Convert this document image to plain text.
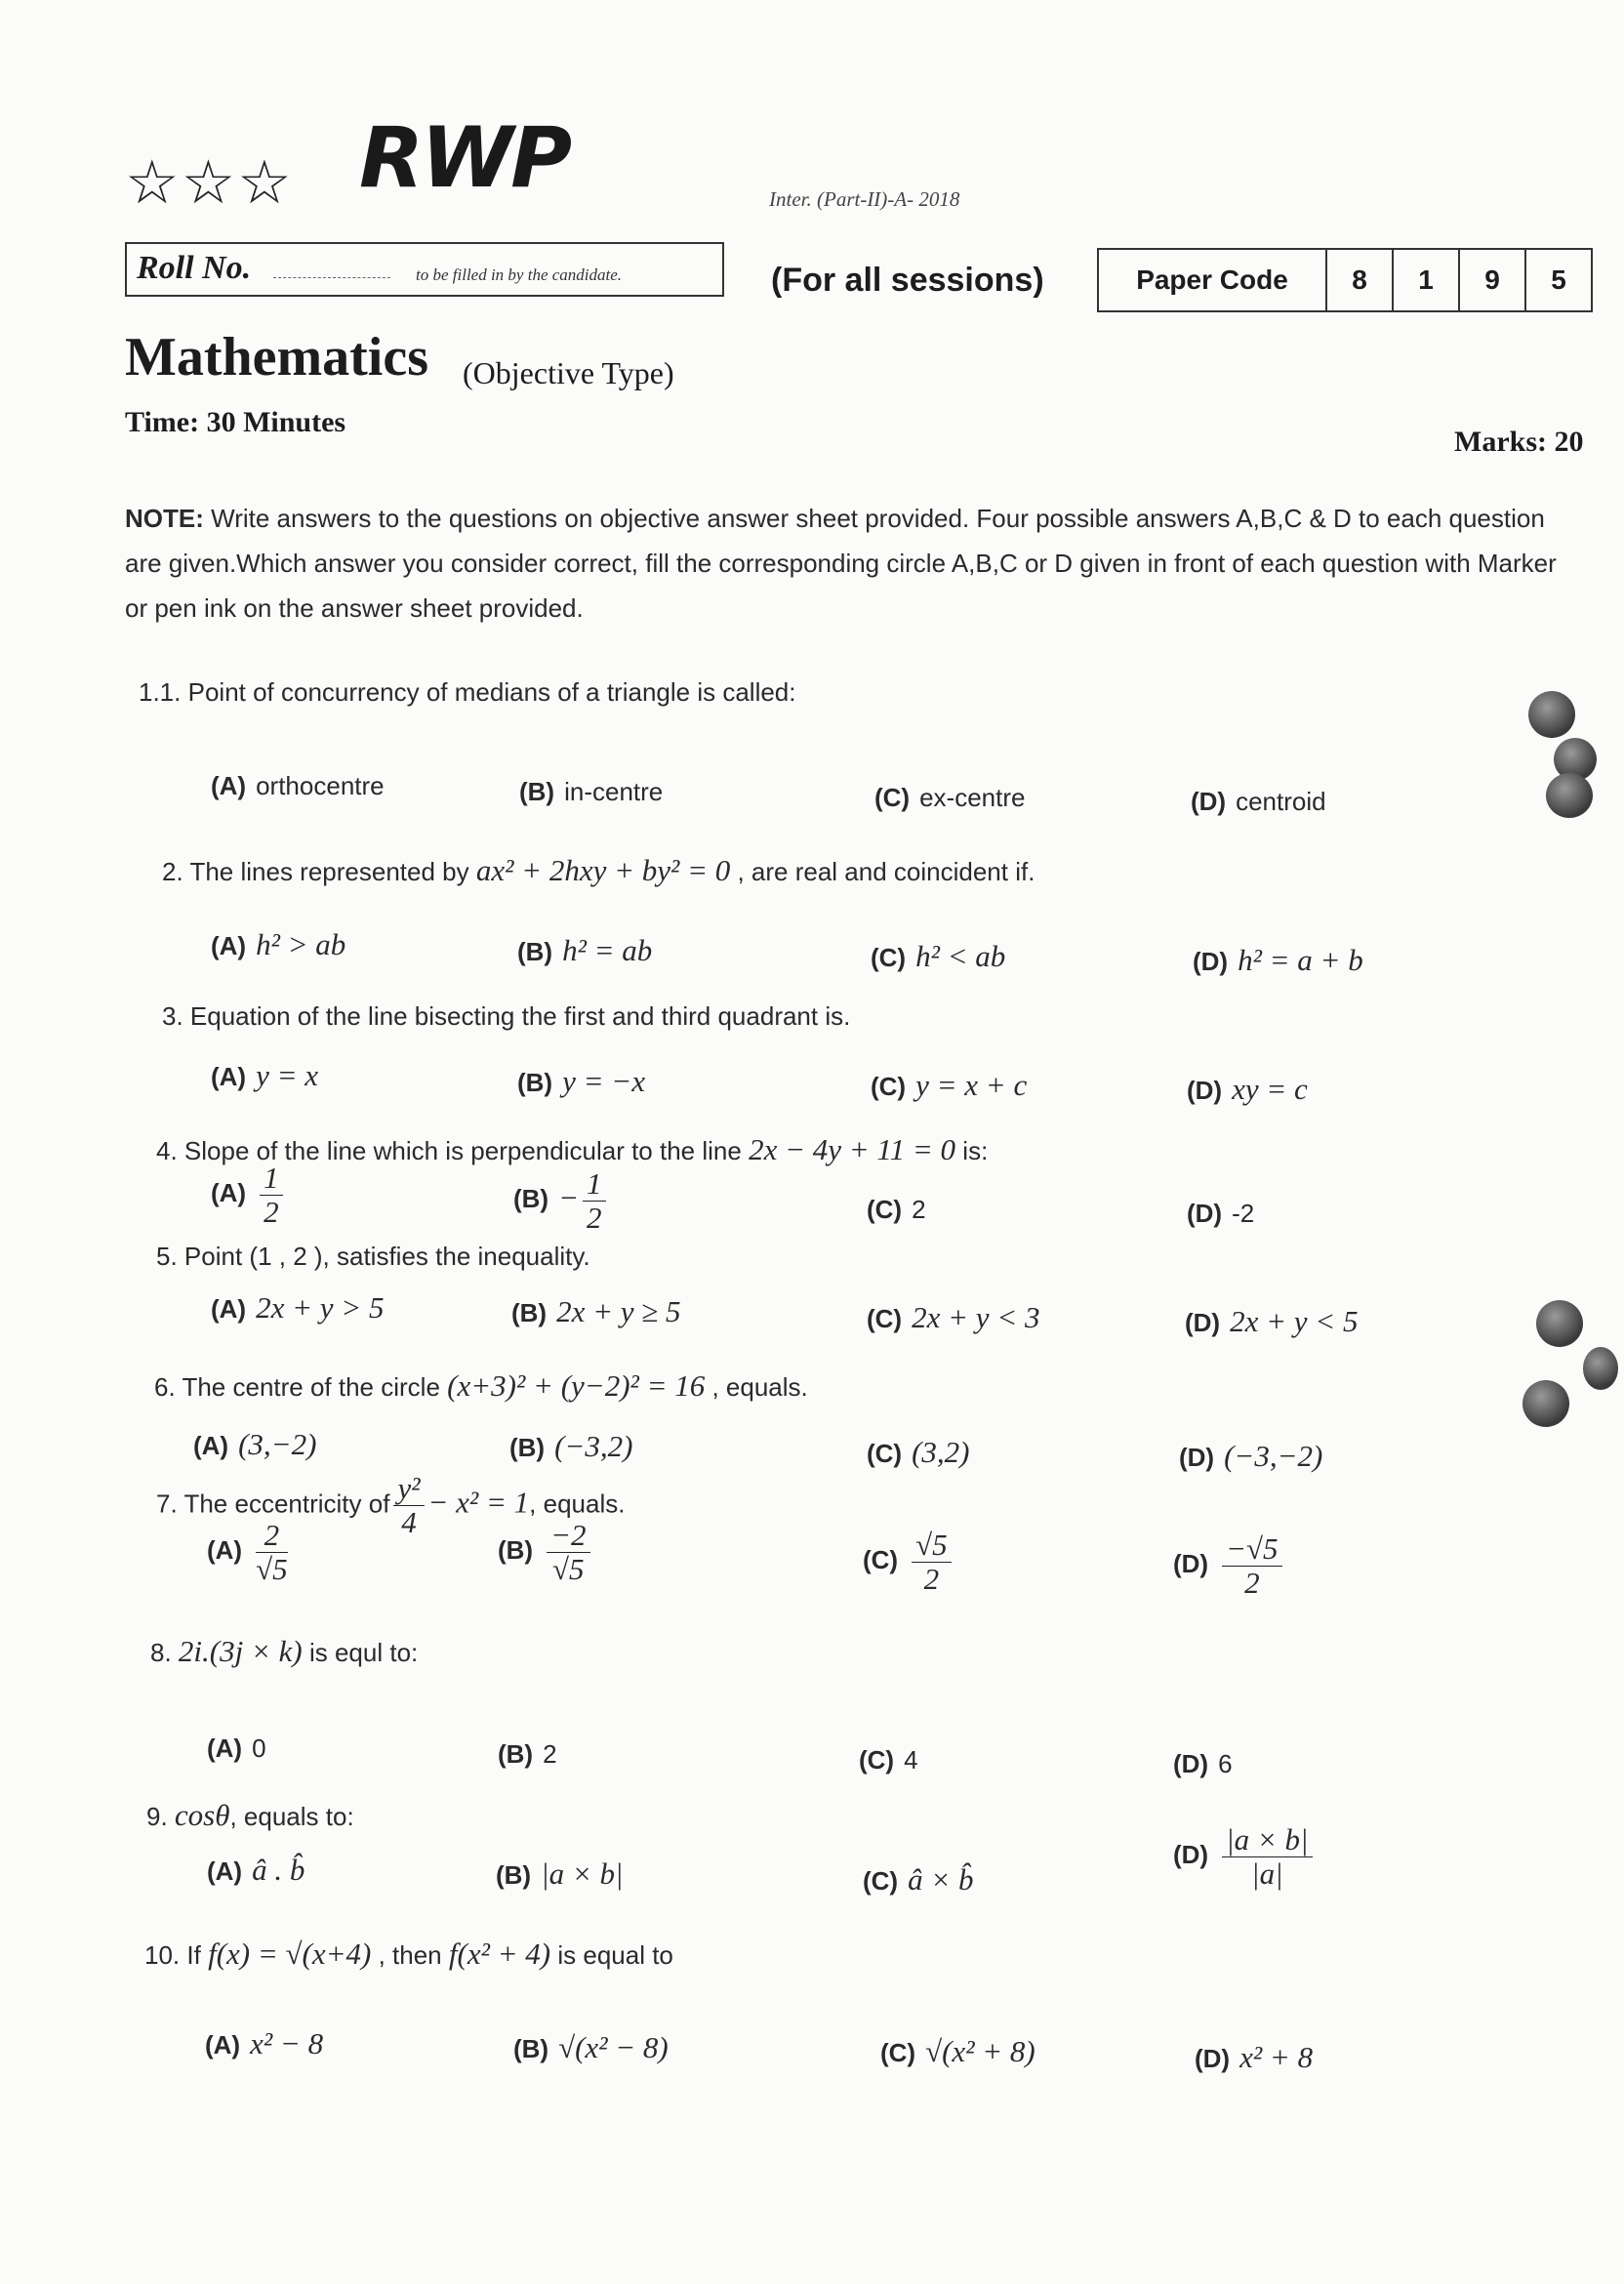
☆☆☆ RWP	Inter. (Part-II)-A- 2018
Roll No.	to be filled in by the candidate.	(For all sessions)	Paper Code	8	1	9	5
Mathematics (Objective Type)
Time: 30 Minutes
Marks: 20
NOTE: Write answers to the questions on objective answer sheet provided. Four possible answers A,B,C & D to each question are given.Which answer you consider correct, fill the corresponding circle A,B,C or D given in front of each question with Marker or pen ink on the answer sheet provided.
1.1. Point of concurrency of medians of a triangle is called:
(A) orthocentre	(B) in-centre	(C) ex-centre	(D) centroid
2. The lines represented by ax² + 2hxy + by² = 0 , are real and coincident if.
(A) h² > ab	(B) h² = ab	(C) h² < ab	(D) h² = a + b
3. Equation of the line bisecting the first and third quadrant is.
(A) y = x	(B) y = −x	(C) y = x + c	(D) xy = c
4. Slope of the line which is perpendicular to the line 2x − 4y + 11 = 0 is:
$(A) \frac{1}{2}$	$(B) - \frac{1}{2}$	(C) 2	(D) -2
5. Point (1 , 2 ), satisfies the inequality.
(A) 2x + y > 5	(B) 2x + y ≥ 5	(C) 2x + y < 3	(D) 2x + y < 5
6. The centre of the circle (x+3)² + (y−2)² = 16 , equals.
(A) (3,−2)	(B) (−3,2)	(C) (3,2)	(D) (−3,−2)
7. The eccentricity of $\frac{\text{y²}}{4} - x^2 = 1$, equals.
$(A) \frac{2}{√5}$	$(B) \frac{-2}{√5}$	$(C) \frac{√5}{2}$	$(D) \frac{-√5}{2}$
8. 2i.(3j × k) is equl to:
(A) 0	(B) 2	(C) 4	(D) 6
9. cosθ, equals to:
(A) â . b̂	(B) |a × b|	(C) â × b̂
$(D) \frac{|a \times b|}{|a|}$
10. If f(x) = √(x+4) , then f(x² + 4) is equal to
(A) x² − 8	(B) √(x² − 8)	(C) √(x² + 8)	(D) x² + 8
